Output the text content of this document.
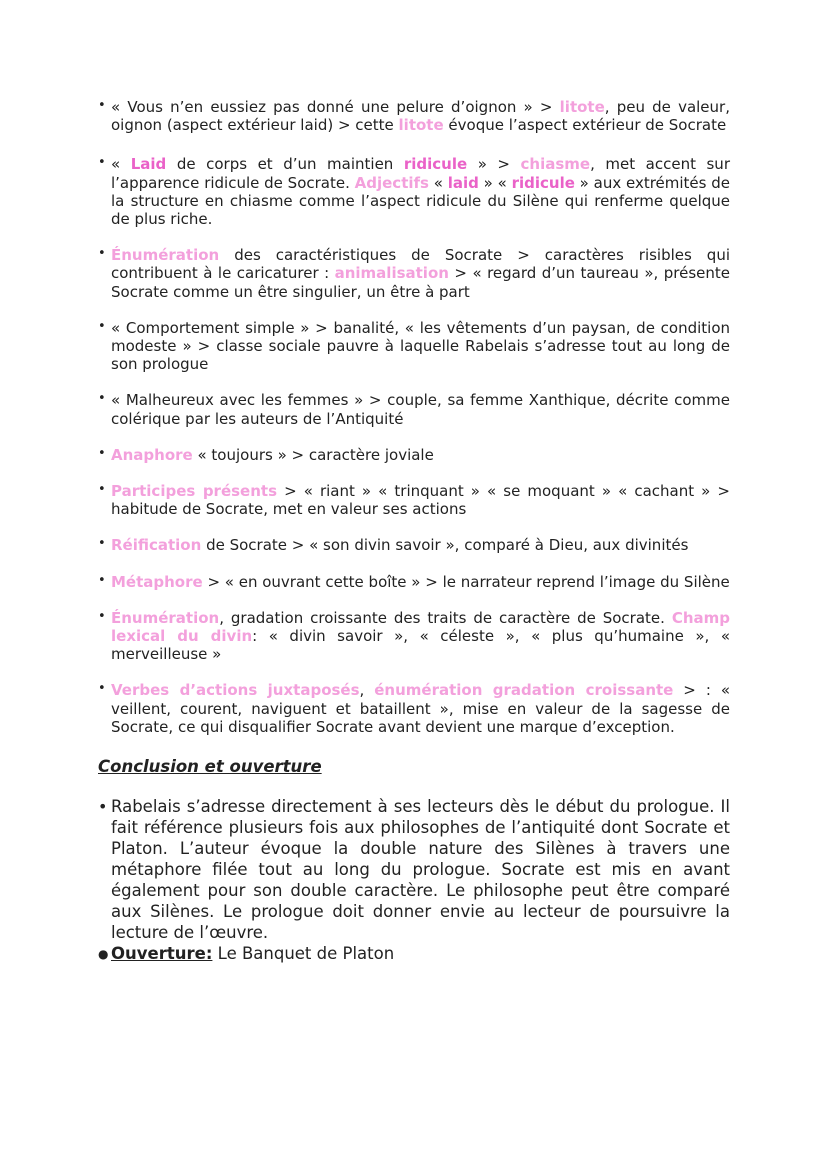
• « Vous n’en eussiez pas donné une pelure d’oignon » > litote, peu de valeur, oignon (aspect extérieur laid) > cette litote évoque l’aspect extérieur de Socrate
• « Laid de corps et d’un maintien ridicule » > chiasme, met accent sur l’apparence ridicule de Socrate. Adjectifs « laid » « ridicule » aux extrémités de la structure en chiasme comme l’aspect ridicule du Silène qui renferme quelque de plus riche.
• Énumération des caractéristiques de Socrate > caractères risibles qui contribuent à le caricaturer : animalisation > « regard d’un taureau », présente Socrate comme un être singulier, un être à part
• « Comportement simple » > banalité, « les vêtements d’un paysan, de condition modeste » > classe sociale pauvre à laquelle Rabelais s’adresse tout au long de son prologue
• « Malheureux avec les femmes » > couple, sa femme Xanthique, décrite comme colérique par les auteurs de l’Antiquité
• Anaphore « toujours » > caractère joviale
• Participes présents > « riant » « trinquant » « se moquant » « cachant » > habitude de Socrate, met en valeur ses actions
• Réification de Socrate > « son divin savoir », comparé à Dieu, aux divinités
• Métaphore > « en ouvrant cette boîte » > le narrateur reprend l’image du Silène
• Énumération, gradation croissante des traits de caractère de Socrate. Champ lexical du divin: « divin savoir », « céleste », « plus qu’humaine », « merveilleuse »
• Verbes d’actions juxtaposés, énumération gradation croissante > : « veillent, courent, naviguent et bataillent », mise en valeur de la sagesse de Socrate, ce qui disqualifier Socrate avant devient une marque d’exception.
Conclusion et ouverture
• Rabelais s’adresse directement à ses lecteurs dès le début du prologue. Il fait référence plusieurs fois aux philosophes de l’antiquité dont Socrate et Platon. L’auteur évoque la double nature des Silènes à travers une métaphore filée tout au long du prologue. Socrate est mis en avant également pour son double caractère. Le philosophe peut être comparé aux Silènes. Le prologue doit donner envie au lecteur de poursuivre la lecture de l’œuvre.
● Ouverture: Le Banquet de Platon
